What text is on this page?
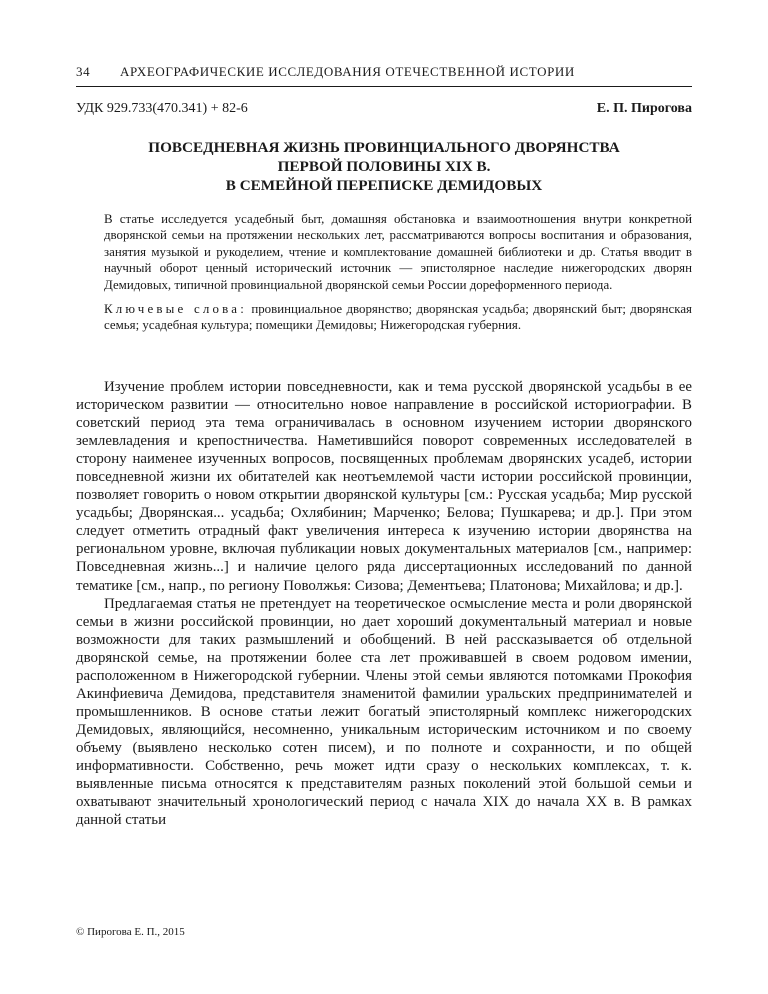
34	АРХЕОГРАФИЧЕСКИЕ ИССЛЕДОВАНИЯ ОТЕЧЕСТВЕННОЙ ИСТОРИИ
УДК 929.733(470.341) + 82-6	Е. П. Пирогова
ПОВСЕДНЕВНАЯ ЖИЗНЬ ПРОВИНЦИАЛЬНОГО ДВОРЯНСТВА
ПЕРВОЙ ПОЛОВИНЫ XIX В.
В СЕМЕЙНОЙ ПЕРЕПИСКЕ ДЕМИДОВЫХ

В статье исследуется усадебный быт, домашняя обстановка и взаимоотношения внутри конкретной дворянской семьи на протяжении нескольких лет, рассматриваются вопросы воспитания и образования, занятия музыкой и рукоделием, чтение и комплектование домашней библиотеки и др. Статья вводит в научный оборот ценный исторический источник — эпистолярное наследие нижегородских дворян Демидовых, типичной провинциальной дворянской семьи России дореформенного периода.

Ключевые слова: провинциальное дворянство; дворянская усадьба; дворянский быт; дворянская семья; усадебная культура; помещики Демидовы; Нижегородская губерния.

Изучение проблем истории повседневности, как и тема русской дворянской усадьбы в ее историческом развитии — относительно новое направление в российской историографии. В советский период эта тема ограничивалась в основном изучением истории дворянского землевладения и крепостничества. Наметившийся поворот современных исследователей в сторону наименее изученных вопросов, посвященных проблемам дворянских усадеб, истории повседневной жизни их обитателей как неотъемлемой части истории российской провинции, позволяет говорить о новом открытии дворянской культуры [см.: Русская усадьба; Мир русской усадьбы; Дворянская... усадьба; Охлябинин; Марченко; Белова; Пушкарева; и др.]. При этом следует отметить отрадный факт увеличения интереса к изучению истории дворянства на региональном уровне, включая публикации новых документальных материалов [см., например: Повседневная жизнь...] и наличие целого ряда диссертационных исследований по данной тематике [см., напр., по региону Поволжья: Сизова; Дементьева; Платонова; Михайлова; и др.].

Предлагаемая статья не претендует на теоретическое осмысление места и роли дворянской семьи в жизни российской провинции, но дает хороший документальный материал и новые возможности для таких размышлений и обобщений. В ней рассказывается об отдельной дворянской семье, на протяжении более ста лет проживавшей в своем родовом имении, расположенном в Нижегородской губернии. Члены этой семьи являются потомками Прокофия Акинфиевича Демидова, представителя знаменитой фамилии уральских предпринимателей и промышленников. В основе статьи лежит богатый эпистолярный комплекс нижегородских Демидовых, являющийся, несомненно, уникальным историческим источником и по своему объему (выявлено несколько сотен писем), и по полноте и сохранности, и по общей информативности. Собственно, речь может идти сразу о нескольких комплексах, т. к. выявленные письма относятся к представителям разных поколений этой большой семьи и охватывают значительный хронологический период с начала XIX до начала XX в. В рамках данной статьи

© Пирогова Е. П., 2015
